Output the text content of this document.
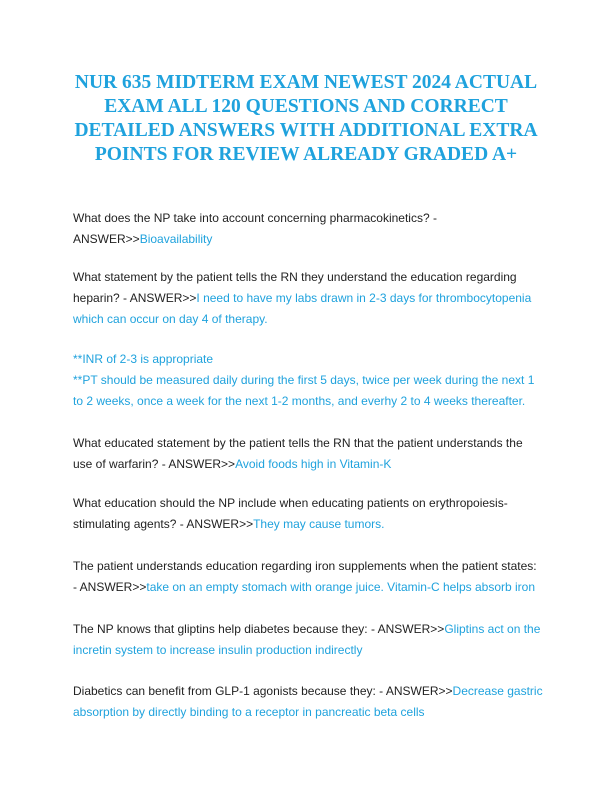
NUR 635 MIDTERM EXAM NEWEST 2024 ACTUAL EXAM ALL 120 QUESTIONS AND CORRECT DETAILED ANSWERS WITH ADDITIONAL EXTRA POINTS FOR REVIEW ALREADY GRADED A+

What does the NP take into account concerning pharmacokinetics? - ANSWER>>Bioavailability

What statement by the patient tells the RN they understand the education regarding heparin? - ANSWER>>I need to have my labs drawn in 2-3 days for thrombocytopenia which can occur on day 4 of therapy.

**INR of 2-3 is appropriate

**PT should be measured daily during the first 5 days, twice per week during the next 1

to 2 weeks, once a week for the next 1-2 months, and everhy 2 to 4 weeks thereafter.

What educated statement by the patient tells the RN that the patient understands the use of warfarin? - ANSWER>>Avoid foods high in Vitamin-K

What education should the NP include when educating patients on erythropoiesis-stimulating agents? - ANSWER>>They may cause tumors.

The patient understands education regarding iron supplements when the patient states: - ANSWER>>take on an empty stomach with orange juice. Vitamin-C helps absorb iron

The NP knows that gliptins help diabetes because they: - ANSWER>>Gliptins act on the incretin system to increase insulin production indirectly

Diabetics can benefit from GLP-1 agonists because they: - ANSWER>>Decrease gastric absorption by directly binding to a receptor in pancreatic beta cells
